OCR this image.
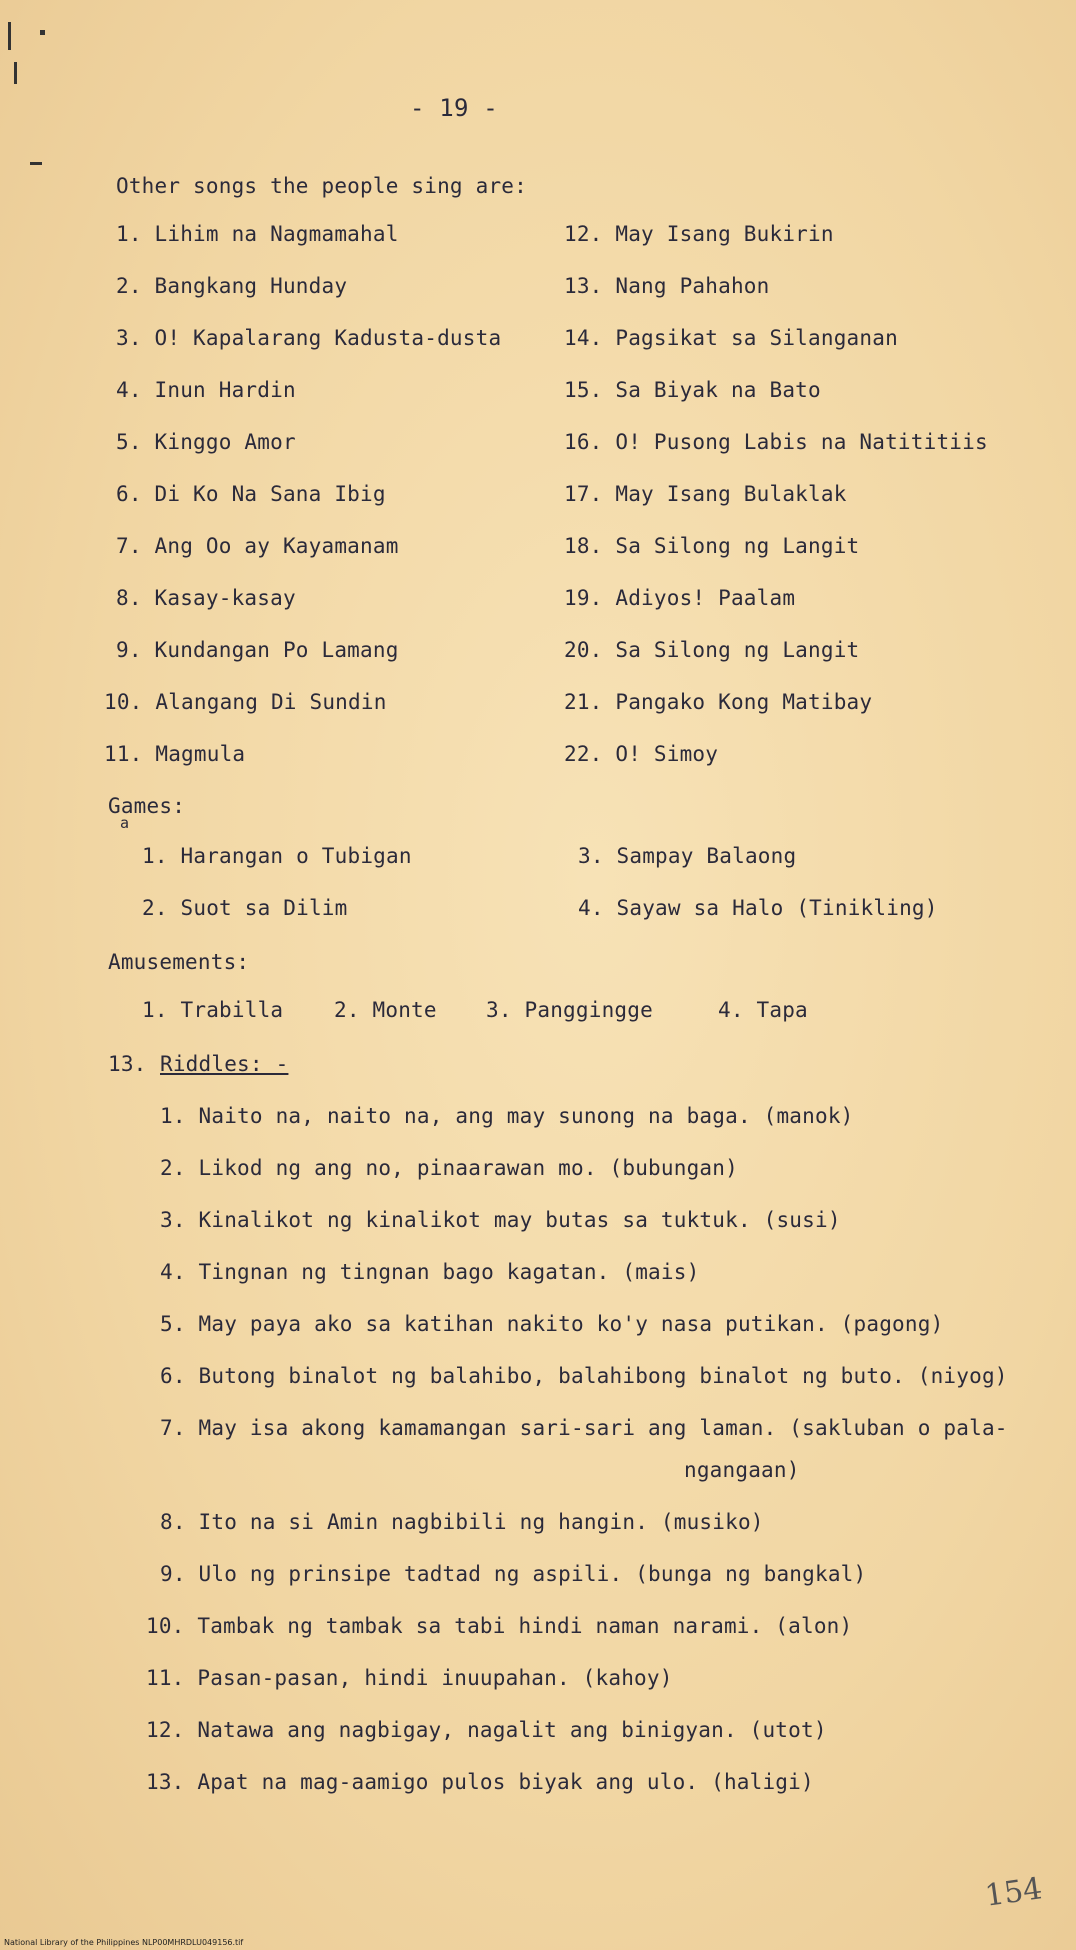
- 19 -
Other songs the people sing are:
1. Lihim na Nagmamahal
2. Bangkang Hunday
3. O! Kapalarang Kadusta-dusta
4. Inun Hardin
5. Kinggo Amor
6. Di Ko Na Sana Ibig
7. Ang Oo ay Kayamanam
8. Kasay-kasay
9. Kundangan Po Lamang
10. Alangang Di Sundin
11. Magmula
12. May Isang Bukirin
13. Nang Pahahon
14. Pagsikat sa Silanganan
15. Sa Biyak na Bato
16. O! Pusong Labis na Natititiis
17. May Isang Bulaklak
18. Sa Silong ng Langit
19. Adiyos! Paalam
20. Sa Silong ng Langit
21. Pangako Kong Matibay
22. O! Simoy
Games:
a
1. Harangan o Tubigan
2. Suot sa Dilim
3. Sampay Balaong
4. Sayaw sa Halo (Tinikling)
Amusements:
1. Trabilla 2. Monte 3. Panggingge	4. Tapa
13. Riddles: -
1. Naito na, naito na, ang may sunong na baga. (manok)
2. Likod ng ang no, pinaarawan mo. (bubungan)
3. Kinalikot ng kinalikot may butas sa tuktuk. (susi)
4. Tingnan ng tingnan bago kagatan. (mais)
5. May paya ako sa katihan nakito ko'y nasa putikan. (pagong)
6. Butong binalot ng balahibo, balahibong binalot ng buto. (niyog)
7. May isa akong kamamangan sari-sari ang laman. (sakluban o pala-
ngangaan)
8. Ito na si Amin nagbibili ng hangin. (musiko)
9. Ulo ng prinsipe tadtad ng aspili. (bunga ng bangkal)
10. Tambak ng tambak sa tabi hindi naman narami. (alon)
11. Pasan-pasan, hindi inuupahan. (kahoy)
12. Natawa ang nagbigay, nagalit ang binigyan. (utot)
13. Apat na mag-aamigo pulos biyak ang ulo. (haligi)
154
National Library of the Philippines NLP00MHRDLU049156.tif
